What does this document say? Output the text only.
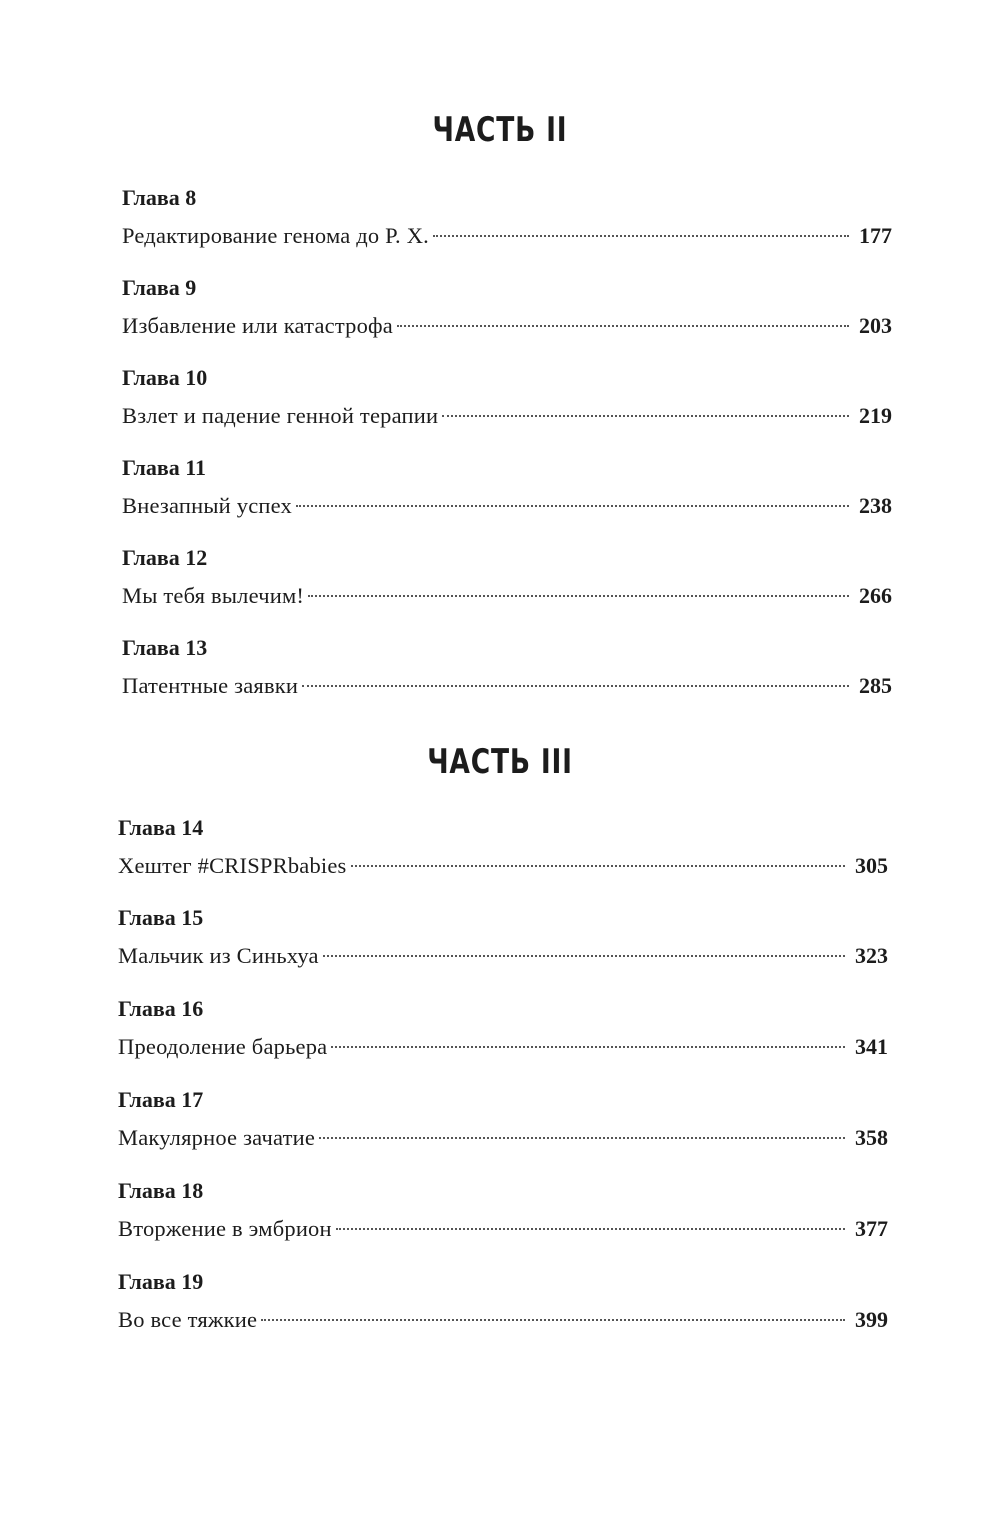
ЧАСТЬ II
Глава 8
Редактирование генома до Р. Х.	177
Глава 9
Избавление или катастрофа	203
Глава 10
Взлет и падение генной терапии	219
Глава 11
Внезапный успех	238
Глава 12
Мы тебя вылечим!	266
Глава 13
Патентные заявки	285
ЧАСТЬ III
Глава 14
Хештег #CRISPRbabies	305
Глава 15
Мальчик из Синьхуа	323
Глава 16
Преодоление барьера	341
Глава 17
Макулярное зачатие	358
Глава 18
Вторжение в эмбрион	377
Глава 19
Во все тяжкие	399
